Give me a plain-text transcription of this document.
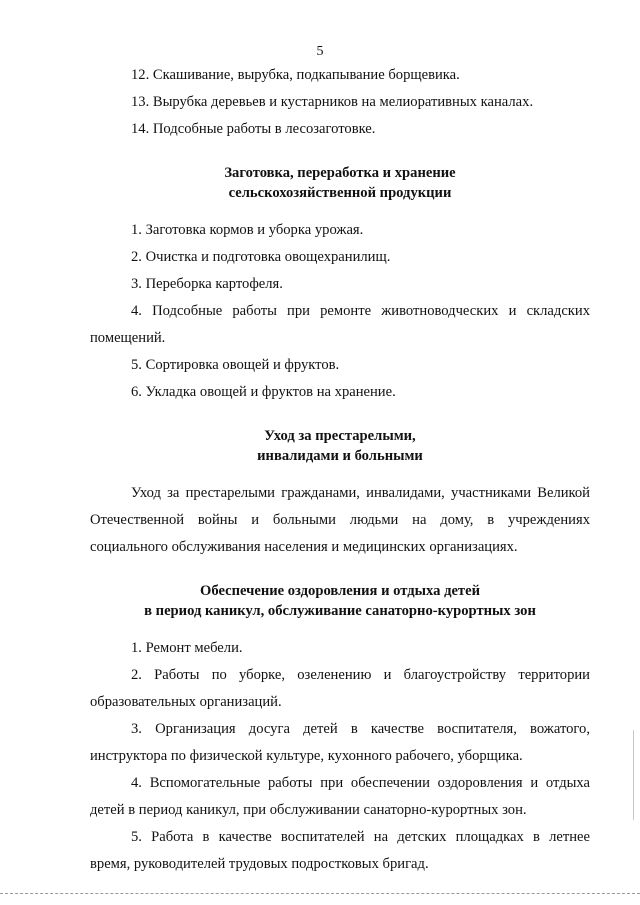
5

12. Скашивание, вырубка, подкапывание борщевика.

13. Вырубка деревьев и кустарников на мелиоративных каналах.

14. Подсобные работы в лесозаготовке.

Заготовка, переработка и хранение

сельскохозяйственной продукции

1. Заготовка кормов и уборка урожая.

2. Очистка и подготовка овощехранилищ.

3. Переборка картофеля.

4. Подсобные работы при ремонте животноводческих и складских

помещений.

5. Сортировка овощей и фруктов.

6. Укладка овощей и фруктов на хранение.

Уход за престарелыми,

инвалидами и больными

Уход за престарелыми гражданами, инвалидами, участниками Великой

Отечественной войны и больными людьми на дому, в учреждениях

социального обслуживания населения и медицинских организациях.

Обеспечение оздоровления и отдыха детей

в период каникул, обслуживание санаторно-курортных зон

1. Ремонт мебели.

2. Работы по уборке, озеленению и благоустройству территории

образовательных организаций.

3. Организация досуга детей в качестве воспитателя, вожатого,

инструктора по физической культуре, кухонного рабочего, уборщика.

4. Вспомогательные работы при обеспечении оздоровления и отдыха

детей в период каникул, при обслуживании санаторно-курортных зон.

5. Работа в качестве воспитателей на детских площадках в летнее

время, руководителей трудовых подростковых бригад.
